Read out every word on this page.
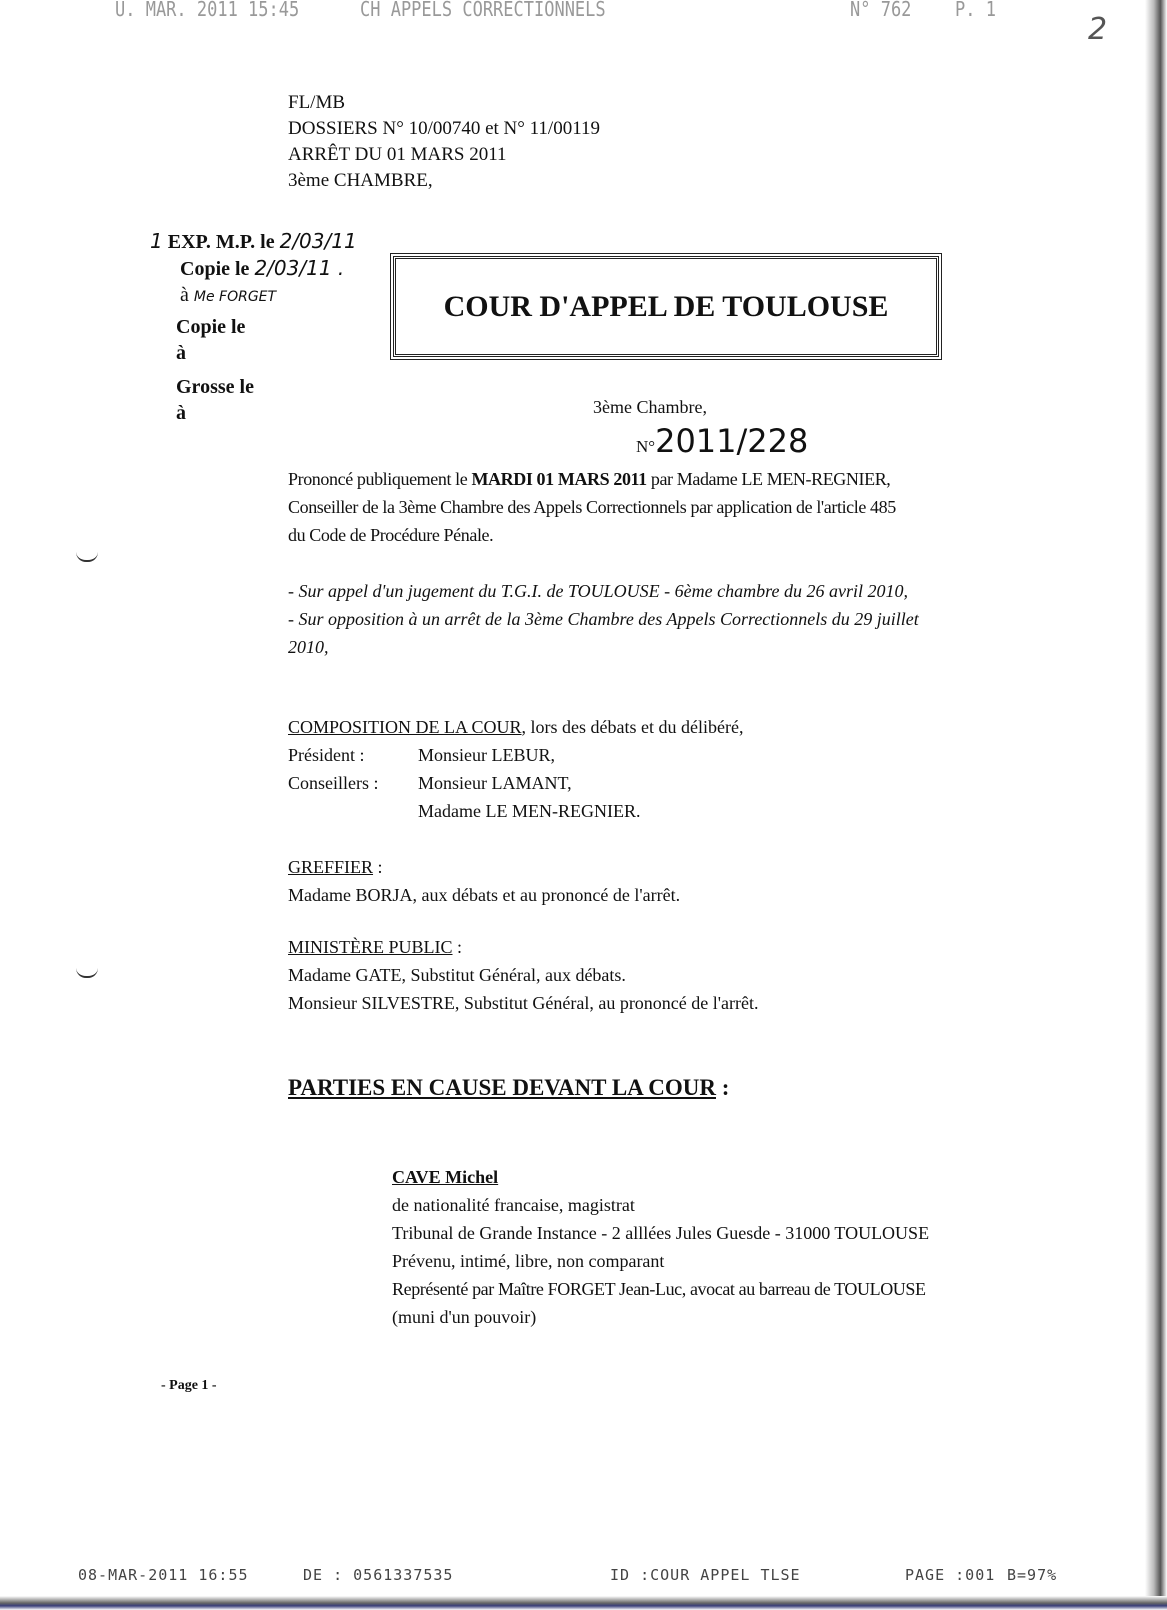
U. MAR. 2011 15:45	CH APPELS CORRECTIONNELS	N° 762	P. 1
2
FL/MB
DOSSIERS N° 10/00740 et N° 11/00119
ARRÊT DU 01 MARS 2011
3ème CHAMBRE,
1 EXP. M.P. le 2/03/11
Copie le 2/03/11 .
à Me FORGET
Copie le
à
Grosse le
à
COUR D'APPEL DE TOULOUSE
3ème Chambre,
N°2011/228
Prononcé publiquement le MARDI 01 MARS 2011 par Madame LE MEN-REGNIER,
Conseiller de la 3ème Chambre des Appels Correctionnels par application de l'article 485
du Code de Procédure Pénale.
- Sur appel d'un jugement du T.G.I. de TOULOUSE - 6ème chambre du 26 avril 2010,
- Sur opposition à un arrêt de la 3ème Chambre des Appels Correctionnels du 29 juillet
2010,
COMPOSITION DE LA COUR, lors des débats et du délibéré,
Président :	Monsieur LEBUR,
Conseillers : Monsieur LAMANT,
Madame LE MEN-REGNIER.
GREFFIER :
Madame BORJA, aux débats et au prononcé de l'arrêt.
MINISTÈRE PUBLIC :
Madame GATE, Substitut Général, aux débats.
Monsieur SILVESTRE, Substitut Général, au prononcé de l'arrêt.
PARTIES EN CAUSE DEVANT LA COUR :
CAVE Michel
de nationalité francaise, magistrat
Tribunal de Grande Instance - 2 alllées Jules Guesde - 31000 TOULOUSE
Prévenu, intimé, libre, non comparant
Représenté par Maître FORGET Jean-Luc, avocat au barreau de TOULOUSE
(muni d'un pouvoir)
- Page 1 -
08-MAR-2011 16:55	DE : 0561337535	ID :COUR APPEL TLSE	PAGE :001 B=97%
